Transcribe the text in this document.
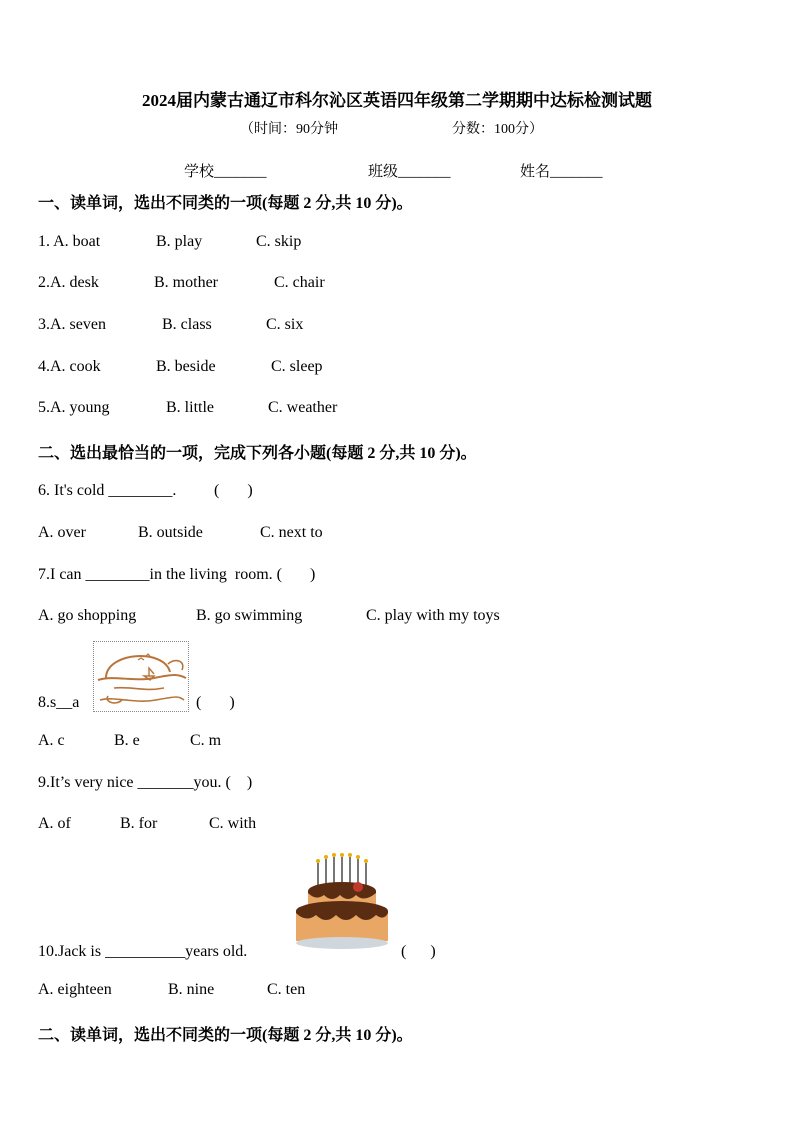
2024届内蒙古通辽市科尔沁区英语四年级第二学期期中达标检测试题
（时间：90分钟	分数：100分）
学校_______	班级_______	姓名_______
一、读单词，选出不同类的一项(每题 2 分,共 10 分)。
1. A. boat	B. play	C. skip
2.A. desk	B. mother	C. chair
3.A. seven	B. class	C. six
4.A. cook	B. beside	C. sleep
5.A. young	B. little	C. weather
二、选出最恰当的一项，完成下列各小题(每题 2 分,共 10 分)。
6. It's cold ________. (       )
A. over	B. outside	C. next to
7.I can ________in the living  room. (       )
A. go shopping	B. go swimming	C. play with my toys
8.s__a	(       )
A. c	B. e	C. m
9.It’s very nice _______you. (    )
A. of	B. for	C. with
10.Jack is __________years old.	(      )
A. eighteen	B. nine	C. ten
二、读单词，选出不同类的一项(每题 2 分,共 10 分)。
